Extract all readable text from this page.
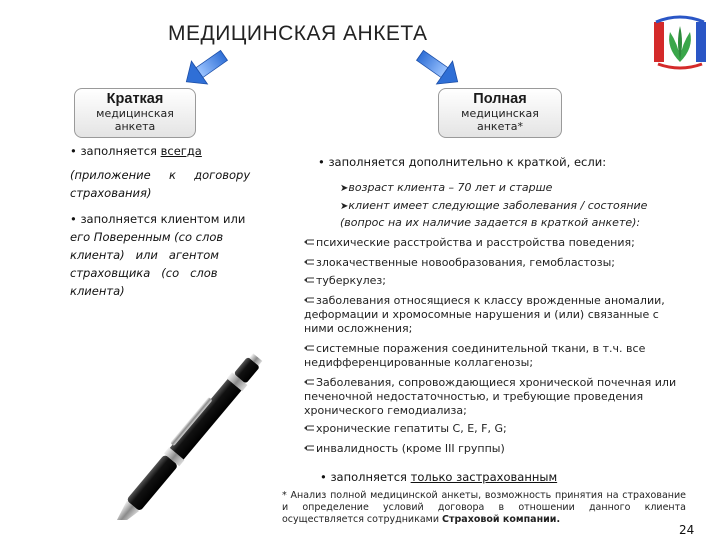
МЕДИЦИНСКАЯ АНКЕТА
Краткая
медицинская
анкета
Полная
медицинская
анкета*
• заполняется всегда
(приложение     к     договору
страхования)
• заполняется клиентом или
его Поверенным (со слов
клиента)   или   агентом
страховщика   (со   слов
клиента)
• заполняется дополнительно к краткой, если:
➤возраст клиента – 70 лет и старше
➤клиент имеет следующие заболевания / состояние
(вопрос на их наличие задается в краткой анкете):
психические расстройства и расстройства поведения;
злокачественные новообразования, гемобластозы;
туберкулез;
заболевания относящиеся к классу врожденные аномалии,
деформации и хромосомные нарушения и (или) связанные с
ними осложнения;
системные поражения соединительной ткани, в т.ч. все
недифференцированные коллагенозы;
Заболевания, сопровождающиеся хронической почечная или
печеночной недостаточностью, и требующие проведения
хронического гемодиализа;
хронические гепатиты C, E, F, G;
инвалидность (кроме III группы)
• заполняется только застрахованным
* Анализ полной медицинской анкеты, возможность принятия на страхование и определение условий договора в отношении данного клиента осуществляется сотрудниками Страховой компании.
24
